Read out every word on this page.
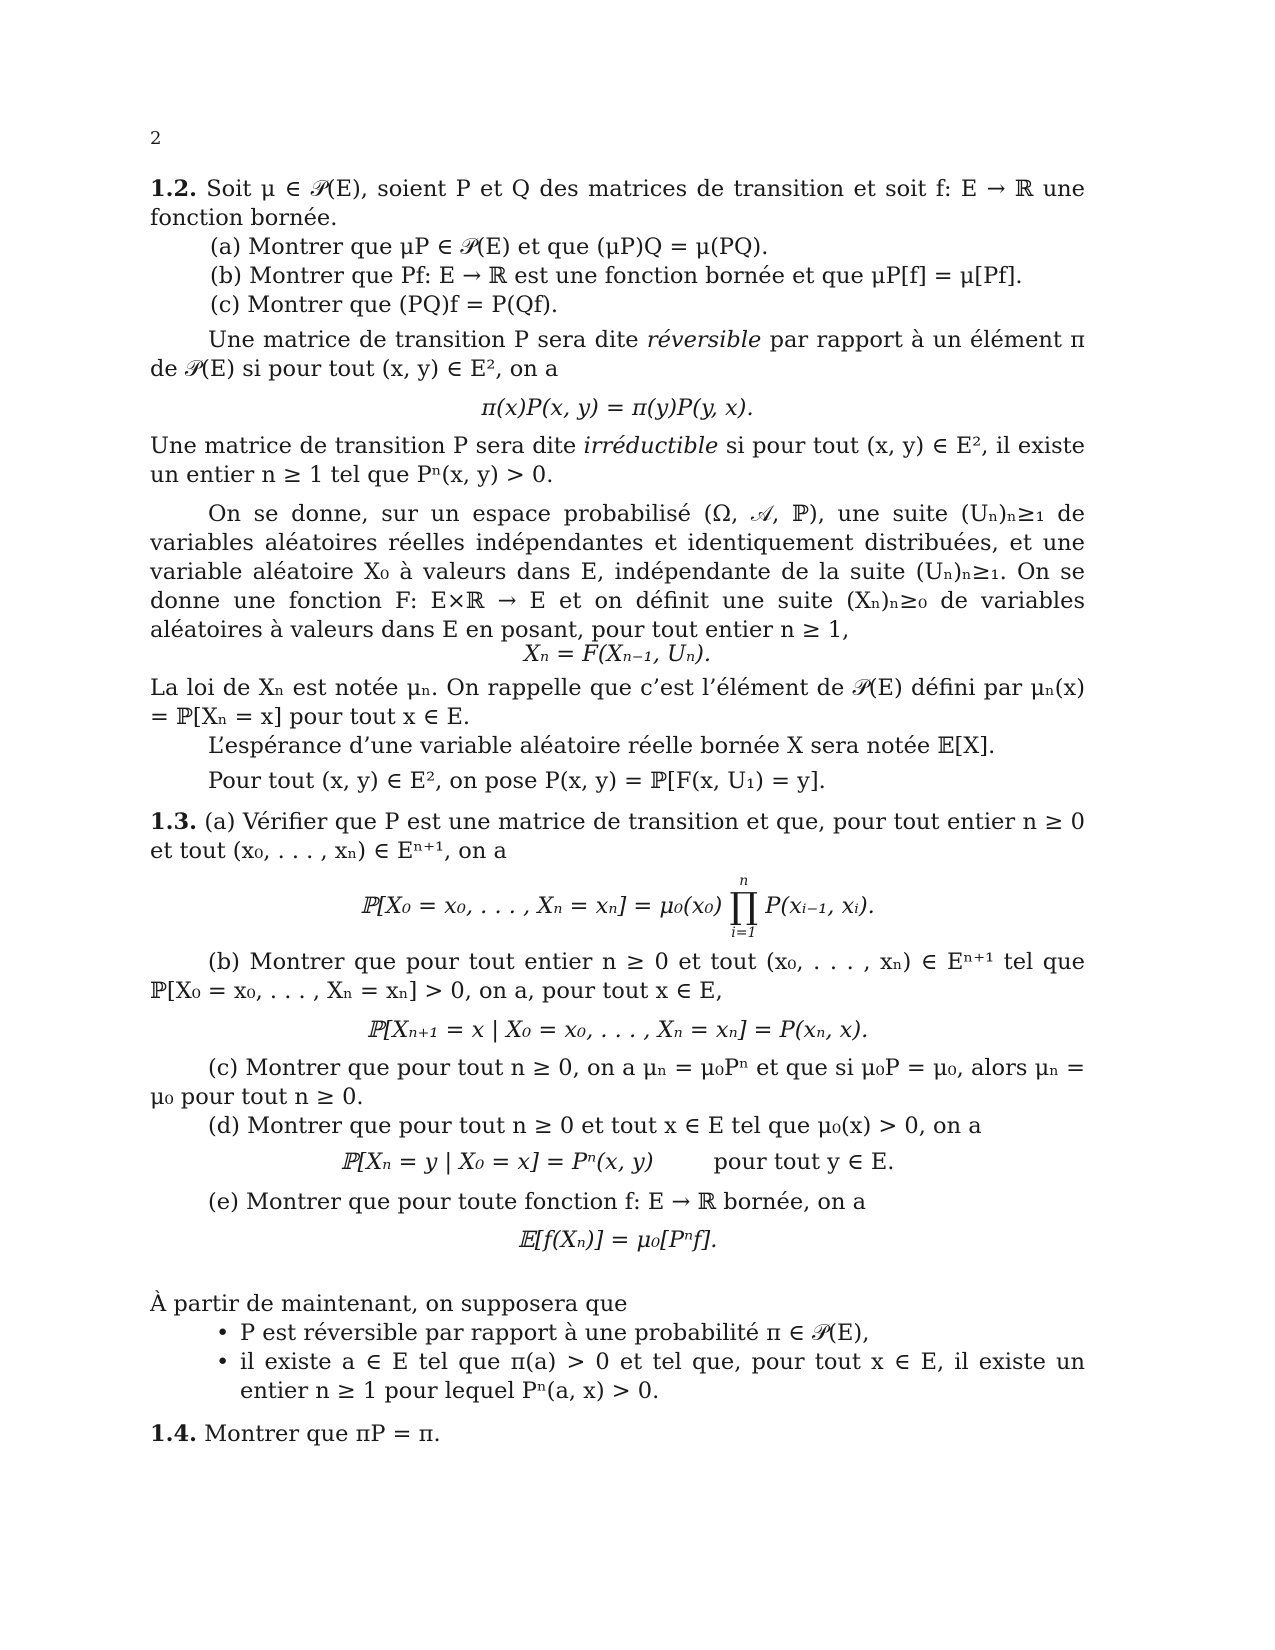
2

1.2. Soit μ ∈ 𝒫(E), soient P et Q des matrices de transition et soit f: E → ℝ une fonction bornée.

(a) Montrer que μP ∈ 𝒫(E) et que (μP)Q = μ(PQ).

(b) Montrer que Pf: E → ℝ est une fonction bornée et que μP[f] = μ[Pf].

(c) Montrer que (PQ)f = P(Qf).

Une matrice de transition P sera dite réversible par rapport à un élément π de 𝒫(E) si pour tout (x, y) ∈ E², on a

π(x)P(x, y) = π(y)P(y, x).

Une matrice de transition P sera dite irréductible si pour tout (x, y) ∈ E², il existe un entier n ≥ 1 tel que Pⁿ(x, y) > 0.

On se donne, sur un espace probabilisé (Ω, 𝒜, ℙ), une suite (Uₙ)ₙ≥₁ de variables aléatoires réelles indépendantes et identiquement distribuées, et une variable aléatoire X₀ à valeurs dans E, indépendante de la suite (Uₙ)ₙ≥₁. On se donne une fonction F: E×ℝ → E et on définit une suite (Xₙ)ₙ≥₀ de variables aléatoires à valeurs dans E en posant, pour tout entier n ≥ 1,

Xₙ = F(Xₙ₋₁, Uₙ).

La loi de Xₙ est notée μₙ. On rappelle que c’est l’élément de 𝒫(E) défini par μₙ(x) = ℙ[Xₙ = x] pour tout x ∈ E.

L’espérance d’une variable aléatoire réelle bornée X sera notée 𝔼[X].

Pour tout (x, y) ∈ E², on pose P(x, y) = ℙ[F(x, U₁) = y].

1.3. (a) Vérifier que P est une matrice de transition et que, pour tout entier n ≥ 0 et tout (x₀, . . . , xₙ) ∈ Eⁿ⁺¹, on a

ℙ[X₀ = x₀, . . . , Xₙ = xₙ] = μ₀(x₀)
n
∏
i=1
P(xᵢ₋₁, xᵢ).

(b) Montrer que pour tout entier n ≥ 0 et tout (x₀, . . . , xₙ) ∈ Eⁿ⁺¹ tel que ℙ[X₀ = x₀, . . . , Xₙ = xₙ] > 0, on a, pour tout x ∈ E,

ℙ[Xₙ₊₁ = x | X₀ = x₀, . . . , Xₙ = xₙ] = P(xₙ, x).

(c) Montrer que pour tout n ≥ 0, on a μₙ = μ₀Pⁿ et que si μ₀P = μ₀, alors μₙ = μ₀ pour tout n ≥ 0.

(d) Montrer que pour tout n ≥ 0 et tout x ∈ E tel que μ₀(x) > 0, on a

ℙ[Xₙ = y | X₀ = x] = Pⁿ(x, y)	pour tout y ∈ E.

(e) Montrer que pour toute fonction f: E → ℝ bornée, on a

𝔼[f(Xₙ)] = μ₀[Pⁿf].

À partir de maintenant, on supposera que

• P est réversible par rapport à une probabilité π ∈ 𝒫(E),
• il existe a ∈ E tel que π(a) > 0 et tel que, pour tout x ∈ E, il existe un entier n ≥ 1 pour lequel Pⁿ(a, x) > 0.

1.4. Montrer que πP = π.
